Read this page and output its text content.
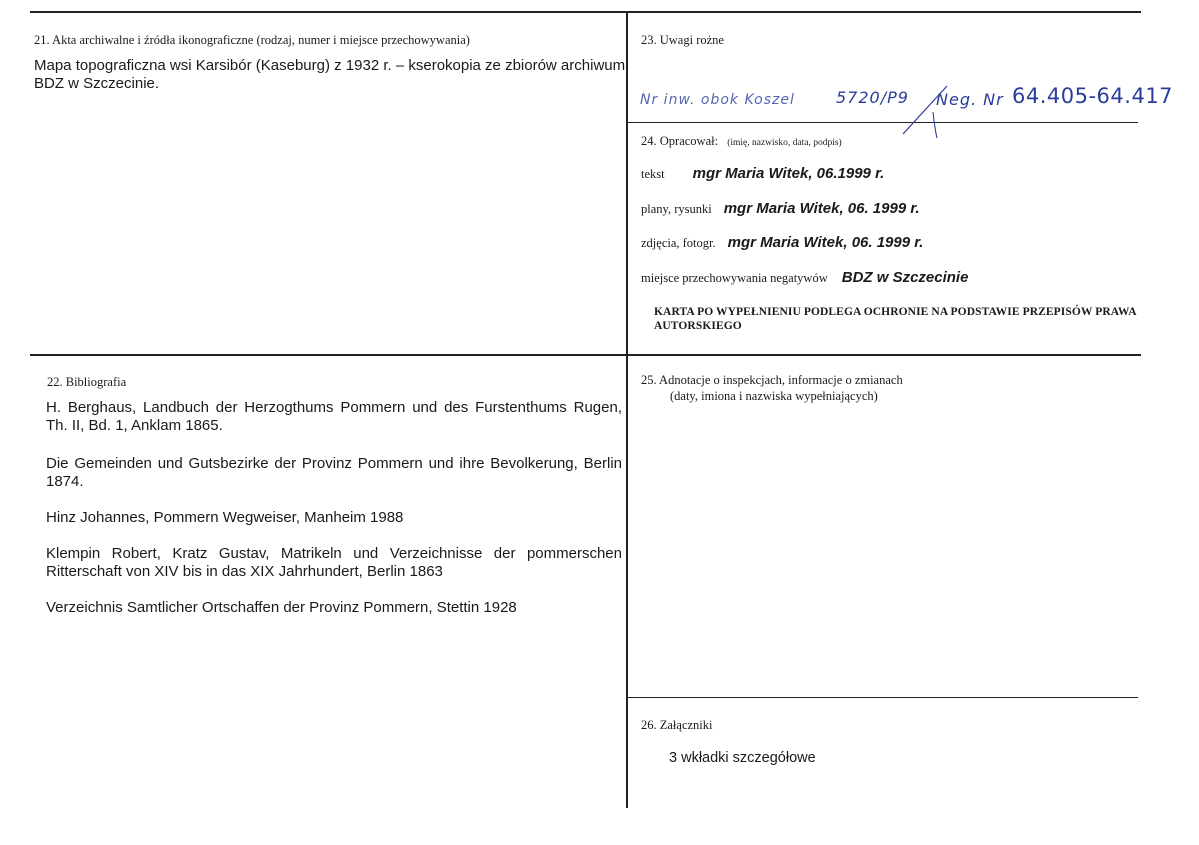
21. Akta archiwalne i źródła ikonograficzne (rodzaj, numer i miejsce przechowywania)
Mapa topograficzna wsi Karsibór (Kaseburg) z 1932 r. – kserokopia ze zbiorów archiwum BDZ w Szczecinie.
23. Uwagi rożne
Nr inw. obok Koszel	5720/P9 Neg. Nr 64.405-64.417
24. Opracował: (imię, nazwisko, data, podpis)
tekst mgr Maria Witek, 06.1999 r.
plany, rysunki mgr Maria Witek, 06. 1999 r.
zdjęcia, fotogr. mgr Maria Witek, 06. 1999 r.
miejsce przechowywania negatywów BDZ w Szczecinie
KARTA PO WYPEŁNIENIU PODLEGA OCHRONIE NA PODSTAWIE PRZEPISÓW PRAWA AUTORSKIEGO
22. Bibliografia
H. Berghaus, Landbuch der Herzogthums Pommern und des Furstenthums Rugen, Th. II, Bd. 1, Anklam 1865.
Die Gemeinden und Gutsbezirke der Provinz Pommern und ihre Bevolkerung, Berlin 1874.
Hinz Johannes, Pommern Wegweiser, Manheim 1988
Klempin Robert, Kratz Gustav, Matrikeln und Verzeichnisse der pommerschen Ritterschaft von XIV bis in das XIX Jahrhundert, Berlin 1863
Verzeichnis Samtlicher Ortschaffen der Provinz Pommern, Stettin 1928
25. Adnotacje o inspekcjach, informacje o zmianach
(daty, imiona i nazwiska wypełniających)
26. Załączniki
3 wkładki szczegółowe
